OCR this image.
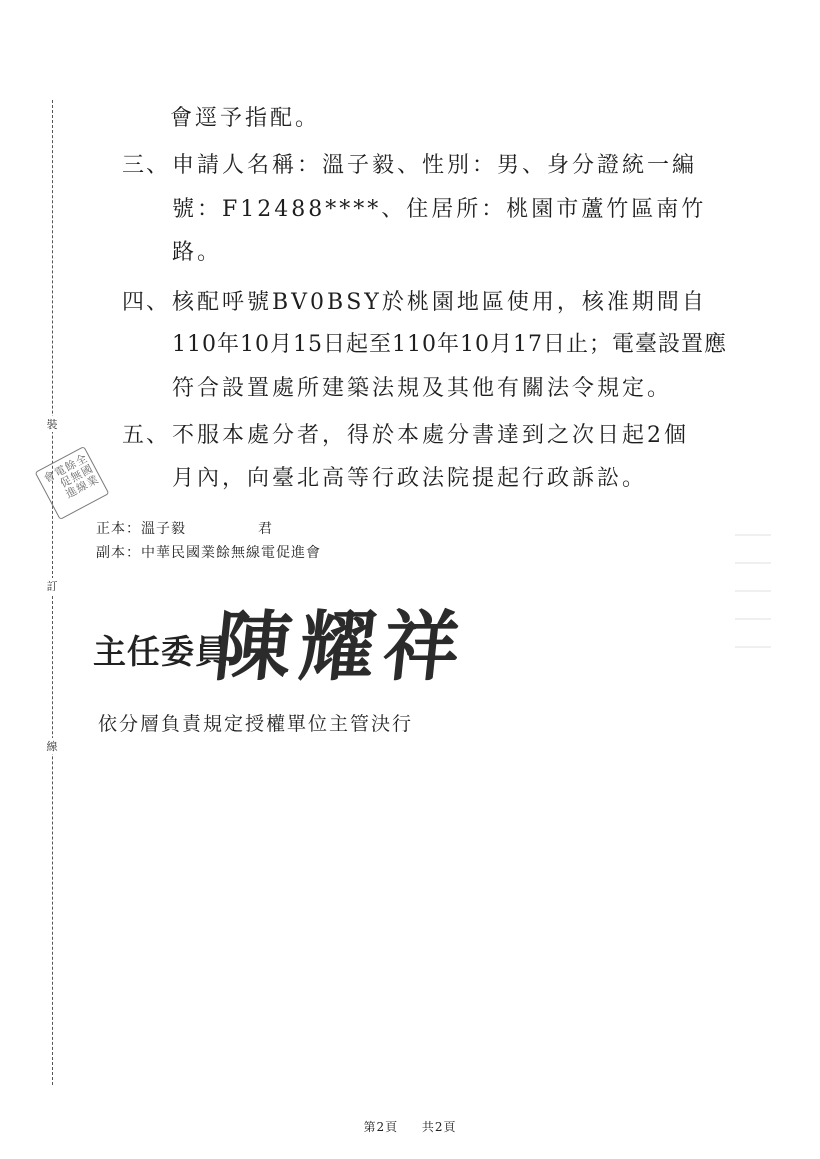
裝
訂
線
全國業餘無線電促進會
會逕予指配。
三、 申請人名稱：溫子毅、性別：男、身分證統一編
號：F12488****、住居所：桃園市蘆竹區南竹
路。
四、 核配呼號BV0BSY於桃園地區使用，核准期間自
110年10月15日起至110年10月17日止；電臺設置應
符合設置處所建築法規及其他有關法令規定。
五、 不服本處分者，得於本處分書達到之次日起2個
月內，向臺北高等行政法院提起行政訴訟。
正本：溫子毅	君
副本：中華民國業餘無線電促進會
主任委員
陳耀祥
依分層負責規定授權單位主管決行
第2頁 共2頁
